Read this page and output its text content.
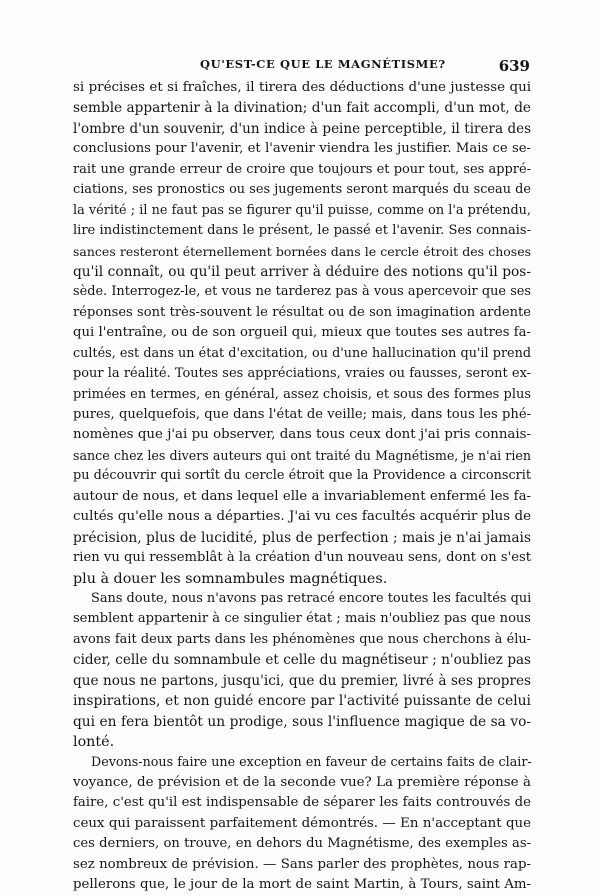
QU'EST-CE QUE LE MAGNÉTISME?	639
si précises et si fraîches, il tirera des déductions d'une justesse qui
semble appartenir à la divination; d'un fait accompli, d'un mot, de
l'ombre d'un souvenir, d'un indice à peine perceptible, il tirera des
conclusions pour l'avenir, et l'avenir viendra les justifier. Mais ce se-
rait une grande erreur de croire que toujours et pour tout, ses appré-
ciations, ses pronostics ou ses jugements seront marqués du sceau de
la vérité ; il ne faut pas se figurer qu'il puisse, comme on l'a prétendu,
lire indistinctement dans le présent, le passé et l'avenir. Ses connais-
sances resteront éternellement bornées dans le cercle étroit des choses
qu'il connaît, ou qu'il peut arriver à déduire des notions qu'il pos-
sède. Interrogez-le, et vous ne tarderez pas à vous apercevoir que ses
réponses sont très-souvent le résultat ou de son imagination ardente
qui l'entraîne, ou de son orgueil qui, mieux que toutes ses autres fa-
cultés, est dans un état d'excitation, ou d'une hallucination qu'il prend
pour la réalité. Toutes ses appréciations, vraies ou fausses, seront ex-
primées en termes, en général, assez choisis, et sous des formes plus
pures, quelquefois, que dans l'état de veille; mais, dans tous les phé-
nomènes que j'ai pu observer, dans tous ceux dont j'ai pris connais-
sance chez les divers auteurs qui ont traité du Magnétisme, je n'ai rien
pu découvrir qui sortît du cercle étroit que la Providence a circonscrit
autour de nous, et dans lequel elle a invariablement enfermé les fa-
cultés qu'elle nous a départies. J'ai vu ces facultés acquérir plus de
précision, plus de lucidité, plus de perfection ; mais je n'ai jamais
rien vu qui ressemblât à la création d'un nouveau sens, dont on s'est
plu à douer les somnambules magnétiques.
Sans doute, nous n'avons pas retracé encore toutes les facultés qui
semblent appartenir à ce singulier état ; mais n'oubliez pas que nous
avons fait deux parts dans les phénomènes que nous cherchons à élu-
cider, celle du somnambule et celle du magnétiseur ; n'oubliez pas
que nous ne partons, jusqu'ici, que du premier, livré à ses propres
inspirations, et non guidé encore par l'activité puissante de celui
qui en fera bientôt un prodige, sous l'influence magique de sa vo-
lonté.
Devons-nous faire une exception en faveur de certains faits de clair-
voyance, de prévision et de la seconde vue? La première réponse à
faire, c'est qu'il est indispensable de séparer les faits controuvés de
ceux qui paraissent parfaitement démontrés. — En n'acceptant que
ces derniers, on trouve, en dehors du Magnétisme, des exemples as-
sez nombreux de prévision. — Sans parler des prophètes, nous rap-
pellerons que, le jour de la mort de saint Martin, à Tours, saint Am-
